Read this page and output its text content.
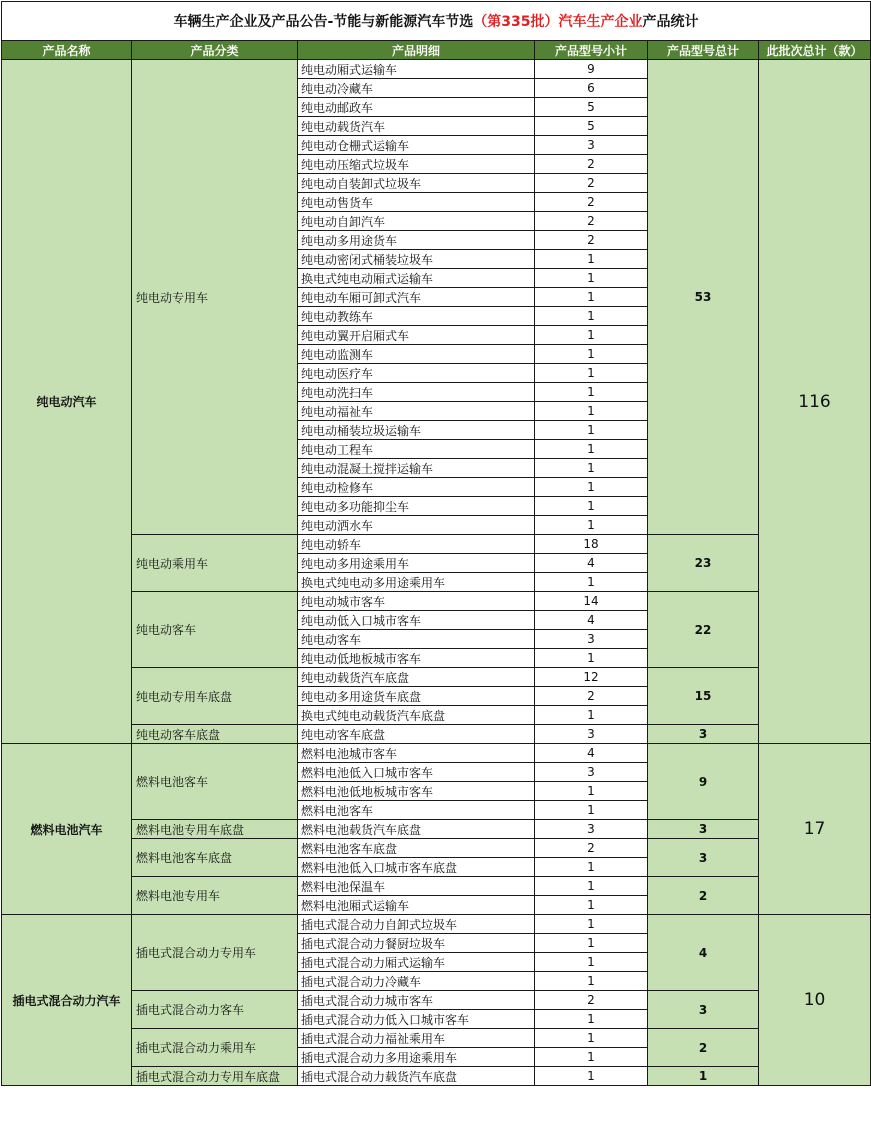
车辆生产企业及产品公告-节能与新能源汽车节选（第335批）汽车生产企业产品统计					
产品名称	产品分类	产品明细	产品型号小计	产品型号总计	此批次总计（款）
纯电动汽车	纯电动专用车	纯电动厢式运输车	9	53	116
		纯电动冷藏车	6		
		纯电动邮政车	5		
		纯电动载货汽车	5		
		纯电动仓栅式运输车	3		
		纯电动压缩式垃圾车	2		
		纯电动自装卸式垃圾车	2		
		纯电动售货车	2		
		纯电动自卸汽车	2		
		纯电动多用途货车	2		
		纯电动密闭式桶装垃圾车	1		
		换电式纯电动厢式运输车	1		
		纯电动车厢可卸式汽车	1		
		纯电动教练车	1		
		纯电动翼开启厢式车	1		
		纯电动监测车	1		
		纯电动医疗车	1		
		纯电动洗扫车	1		
		纯电动福祉车	1		
		纯电动桶装垃圾运输车	1		
		纯电动工程车	1		
		纯电动混凝土搅拌运输车	1		
		纯电动检修车	1		
		纯电动多功能抑尘车	1		
		纯电动洒水车	1		
	纯电动乘用车	纯电动轿车	18	23	
		纯电动多用途乘用车	4		
		换电式纯电动多用途乘用车	1		
	纯电动客车	纯电动城市客车	14	22	
		纯电动低入口城市客车	4		
		纯电动客车	3		
		纯电动低地板城市客车	1		
	纯电动专用车底盘	纯电动载货汽车底盘	12	15	
		纯电动多用途货车底盘	2		
		换电式纯电动载货汽车底盘	1		
	纯电动客车底盘	纯电动客车底盘	3	3	
燃料电池汽车	燃料电池客车	燃料电池城市客车	4	9	17
		燃料电池低入口城市客车	3		
		燃料电池低地板城市客车	1		
		燃料电池客车	1		
	燃料电池专用车底盘	燃料电池载货汽车底盘	3	3	
	燃料电池客车底盘	燃料电池客车底盘	2	3	
		燃料电池低入口城市客车底盘	1		
	燃料电池专用车	燃料电池保温车	1	2	
		燃料电池厢式运输车	1		
插电式混合动力汽车	插电式混合动力专用车	插电式混合动力自卸式垃圾车	1	4	10
		插电式混合动力餐厨垃圾车	1		
		插电式混合动力厢式运输车	1		
		插电式混合动力冷藏车	1		
	插电式混合动力客车	插电式混合动力城市客车	2	3	
		插电式混合动力低入口城市客车	1		
	插电式混合动力乘用车	插电式混合动力福祉乘用车	1	2	
		插电式混合动力多用途乘用车	1		
	插电式混合动力专用车底盘	插电式混合动力载货汽车底盘	1	1	
